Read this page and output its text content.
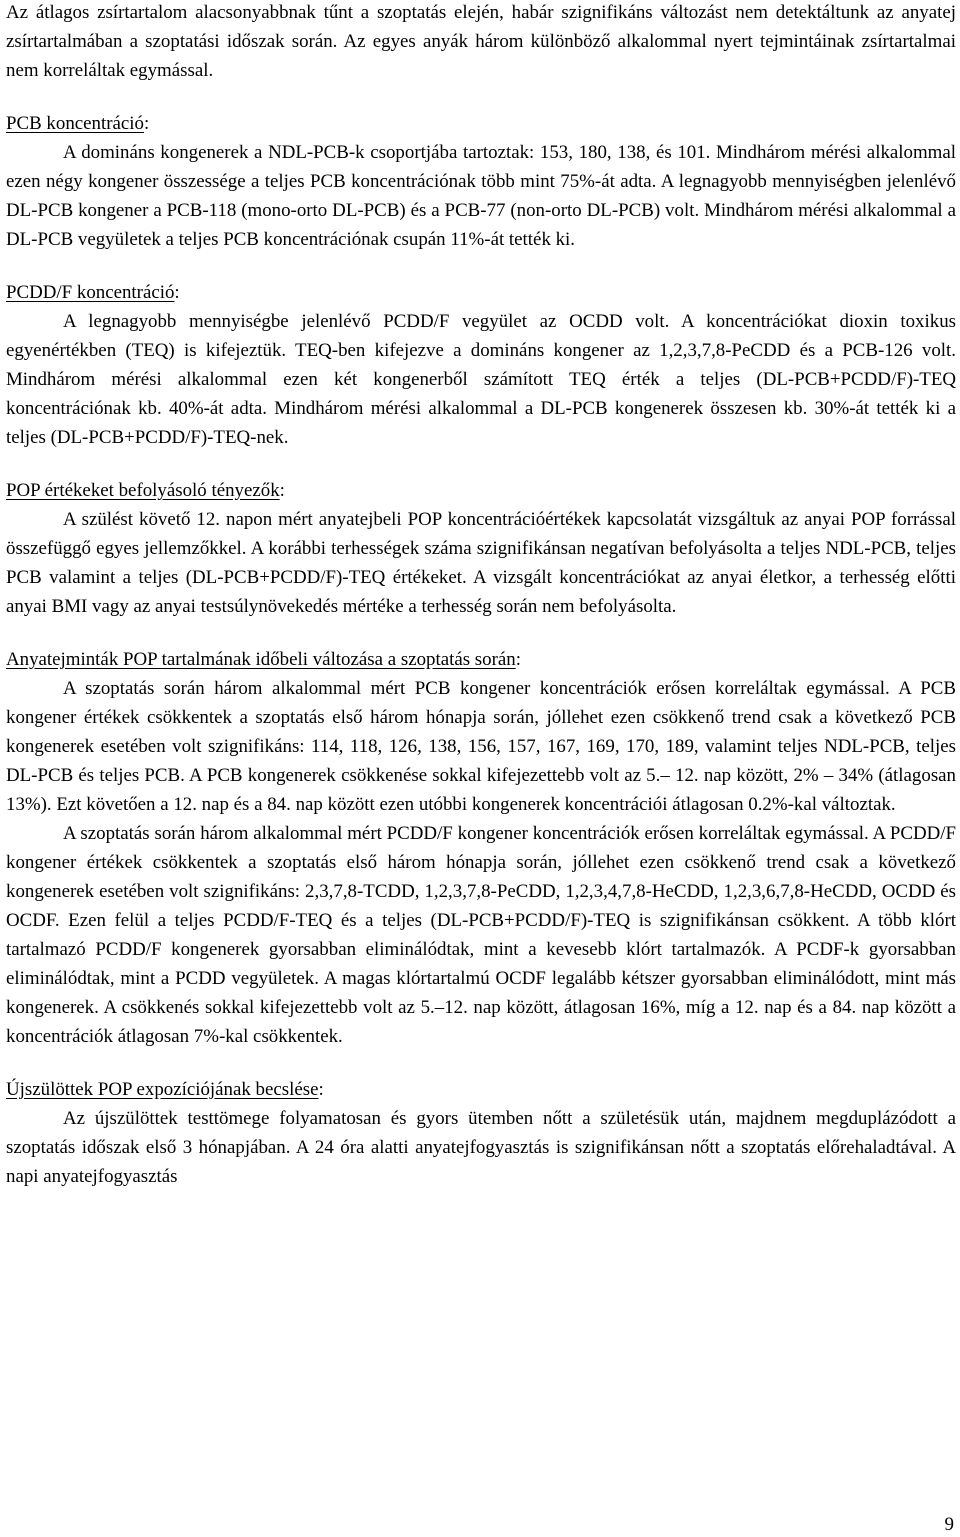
Az átlagos zsírtartalom alacsonyabbnak tűnt a szoptatás elején, habár szignifikáns változást nem detektáltunk az anyatej zsírtartalmában a szoptatási időszak során. Az egyes anyák három különböző alkalommal nyert tejmintáinak zsírtartalmai nem korreláltak egymással.

PCB koncentráció:

A domináns kongenerek a NDL-PCB-k csoportjába tartoztak: 153, 180, 138, és 101. Mindhárom mérési alkalommal ezen négy kongener összessége a teljes PCB koncentrációnak több mint 75%-át adta. A legnagyobb mennyiségben jelenlévő DL-PCB kongener a PCB-118 (mono-orto DL-PCB) és a PCB-77 (non-orto DL-PCB) volt. Mindhárom mérési alkalommal a DL-PCB vegyületek a teljes PCB koncentrációnak csupán 11%-át tették ki.

PCDD/F koncentráció:

A legnagyobb mennyiségbe jelenlévő PCDD/F vegyület az OCDD volt. A koncentrációkat dioxin toxikus egyenértékben (TEQ) is kifejeztük. TEQ-ben kifejezve a domináns kongener az 1,2,3,7,8-PeCDD és a PCB-126 volt. Mindhárom mérési alkalommal ezen két kongenerből számított TEQ érték a teljes (DL-PCB+PCDD/F)-TEQ koncentrációnak kb. 40%-át adta. Mindhárom mérési alkalommal a DL-PCB kongenerek összesen kb. 30%-át tették ki a teljes (DL-PCB+PCDD/F)-TEQ-nek.

POP értékeket befolyásoló tényezők:

A szülést követő 12. napon mért anyatejbeli POP koncentrációértékek kapcsolatát vizsgáltuk az anyai POP forrással összefüggő egyes jellemzőkkel. A korábbi terhességek száma szignifikánsan negatívan befolyásolta a teljes NDL-PCB, teljes PCB valamint a teljes (DL-PCB+PCDD/F)-TEQ értékeket. A vizsgált koncentrációkat az anyai életkor, a terhesség előtti anyai BMI vagy az anyai testsúlynövekedés mértéke a terhesség során nem befolyásolta.

Anyatejminták POP tartalmának időbeli változása a szoptatás során:

A szoptatás során három alkalommal mért PCB kongener koncentrációk erősen korreláltak egymással. A PCB kongener értékek csökkentek a szoptatás első három hónapja során, jóllehet ezen csökkenő trend csak a következő PCB kongenerek esetében volt szignifikáns: 114, 118, 126, 138, 156, 157, 167, 169, 170, 189, valamint teljes NDL-PCB, teljes DL-PCB és teljes PCB. A PCB kongenerek csökkenése sokkal kifejezettebb volt az 5.– 12. nap között, 2% – 34% (átlagosan 13%). Ezt követően a 12. nap és a 84. nap között ezen utóbbi kongenerek koncentrációi átlagosan 0.2%-kal változtak.

A szoptatás során három alkalommal mért PCDD/F kongener koncentrációk erősen korreláltak egymással. A PCDD/F kongener értékek csökkentek a szoptatás első három hónapja során, jóllehet ezen csökkenő trend csak a következő kongenerek esetében volt szignifikáns: 2,3,7,8-TCDD, 1,2,3,7,8-PeCDD, 1,2,3,4,7,8-HeCDD, 1,2,3,6,7,8-HeCDD, OCDD és OCDF. Ezen felül a teljes PCDD/F-TEQ és a teljes (DL-PCB+PCDD/F)-TEQ is szignifikánsan csökkent. A több klórt tartalmazó PCDD/F kongenerek gyorsabban eliminálódtak, mint a kevesebb klórt tartalmazók. A PCDF-k gyorsabban eliminálódtak, mint a PCDD vegyületek. A magas klórtartalmú OCDF legalább kétszer gyorsabban eliminálódott, mint más kongenerek. A csökkenés sokkal kifejezettebb volt az 5.–12. nap között, átlagosan 16%, míg a 12. nap és a 84. nap között a koncentrációk átlagosan 7%-kal csökkentek.

Újszülöttek POP expozíciójának becslése:

Az újszülöttek testtömege folyamatosan és gyors ütemben nőtt a születésük után, majdnem megduplázódott a szoptatás időszak első 3 hónapjában. A 24 óra alatti anyatejfogyasztás is szignifikánsan nőtt a szoptatás előrehaladtával. A napi anyatejfogyasztás

9
